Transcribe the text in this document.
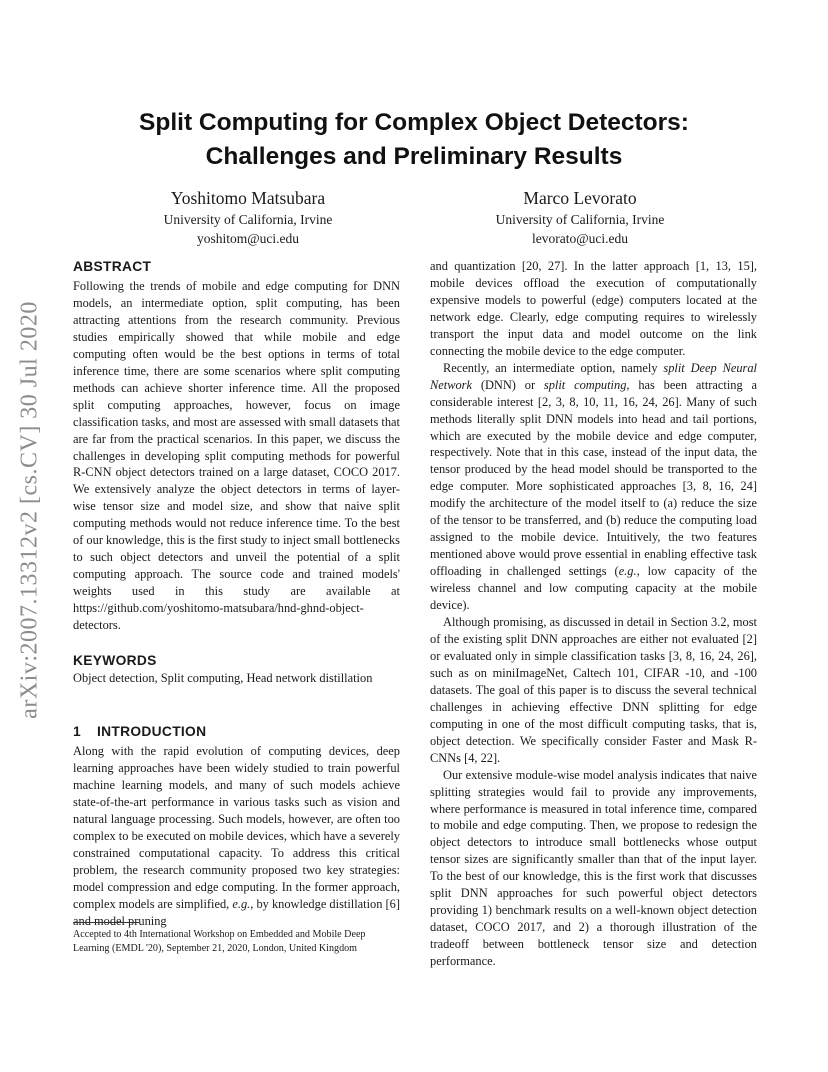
arXiv:2007.13312v2 [cs.CV] 30 Jul 2020
Split Computing for Complex Object Detectors:
Challenges and Preliminary Results
Yoshitomo Matsubara
University of California, Irvine
yoshitom@uci.edu
Marco Levorato
University of California, Irvine
levorato@uci.edu
ABSTRACT

Following the trends of mobile and edge computing for DNN models, an intermediate option, split computing, has been attracting attentions from the research community. Previous studies empirically showed that while mobile and edge computing often would be the best options in terms of total inference time, there are some scenarios where split computing methods can achieve shorter inference time. All the proposed split computing approaches, however, focus on image classification tasks, and most are assessed with small datasets that are far from the practical scenarios. In this paper, we discuss the challenges in developing split computing methods for powerful R-CNN object detectors trained on a large dataset, COCO 2017. We extensively analyze the object detectors in terms of layer-wise tensor size and model size, and show that naive split computing methods would not reduce inference time. To the best of our knowledge, this is the first study to inject small bottlenecks to such object detectors and unveil the potential of a split computing approach. The source code and trained models' weights used in this study are available at https://github.com/yoshitomo-matsubara/hnd-ghnd-object-detectors.

KEYWORDS

Object detection, Split computing, Head network distillation

1 INTRODUCTION

Along with the rapid evolution of computing devices, deep learning approaches have been widely studied to train powerful machine learning models, and many of such models achieve state-of-the-art performance in various tasks such as vision and natural language processing. Such models, however, are often too complex to be executed on mobile devices, which have a severely constrained computational capacity. To address this critical problem, the research community proposed two key strategies: model compression and edge computing. In the former approach, complex models are simplified, e.g., by knowledge distillation [6] and model pruning

and quantization [20, 27]. In the latter approach [1, 13, 15], mobile devices offload the execution of computationally expensive models to powerful (edge) computers located at the network edge. Clearly, edge computing requires to wirelessly transport the input data and model outcome on the link connecting the mobile device to the edge computer.

Recently, an intermediate option, namely split Deep Neural Network (DNN) or split computing, has been attracting a considerable interest [2, 3, 8, 10, 11, 16, 24, 26]. Many of such methods literally split DNN models into head and tail portions, which are executed by the mobile device and edge computer, respectively. Note that in this case, instead of the input data, the tensor produced by the head model should be transported to the edge computer. More sophisticated approaches [3, 8, 16, 24] modify the architecture of the model itself to (a) reduce the size of the tensor to be transferred, and (b) reduce the computing load assigned to the mobile device. Intuitively, the two features mentioned above would prove essential in enabling effective task offloading in challenged settings (e.g., low capacity of the wireless channel and low computing capacity at the mobile device).

Although promising, as discussed in detail in Section 3.2, most of the existing split DNN approaches are either not evaluated [2] or evaluated only in simple classification tasks [3, 8, 16, 24, 26], such as on miniImageNet, Caltech 101, CIFAR -10, and -100 datasets. The goal of this paper is to discuss the several technical challenges in achieving effective DNN splitting for edge computing in one of the most difficult computing tasks, that is, object detection. We specifically consider Faster and Mask R-CNNs [4, 22].

Our extensive module-wise model analysis indicates that naive splitting strategies would fail to provide any improvements, where performance is measured in total inference time, compared to mobile and edge computing. Then, we propose to redesign the object detectors to introduce small bottlenecks whose output tensor sizes are significantly smaller than that of the input layer. To the best of our knowledge, this is the first work that discusses split DNN approaches for such powerful object detectors providing 1) benchmark results on a well-known object detection dataset, COCO 2017, and 2) a thorough illustration of the tradeoff between bottleneck tensor size and detection performance.

Accepted to 4th International Workshop on Embedded and Mobile Deep Learning (EMDL '20), September 21, 2020, London, United Kingdom
